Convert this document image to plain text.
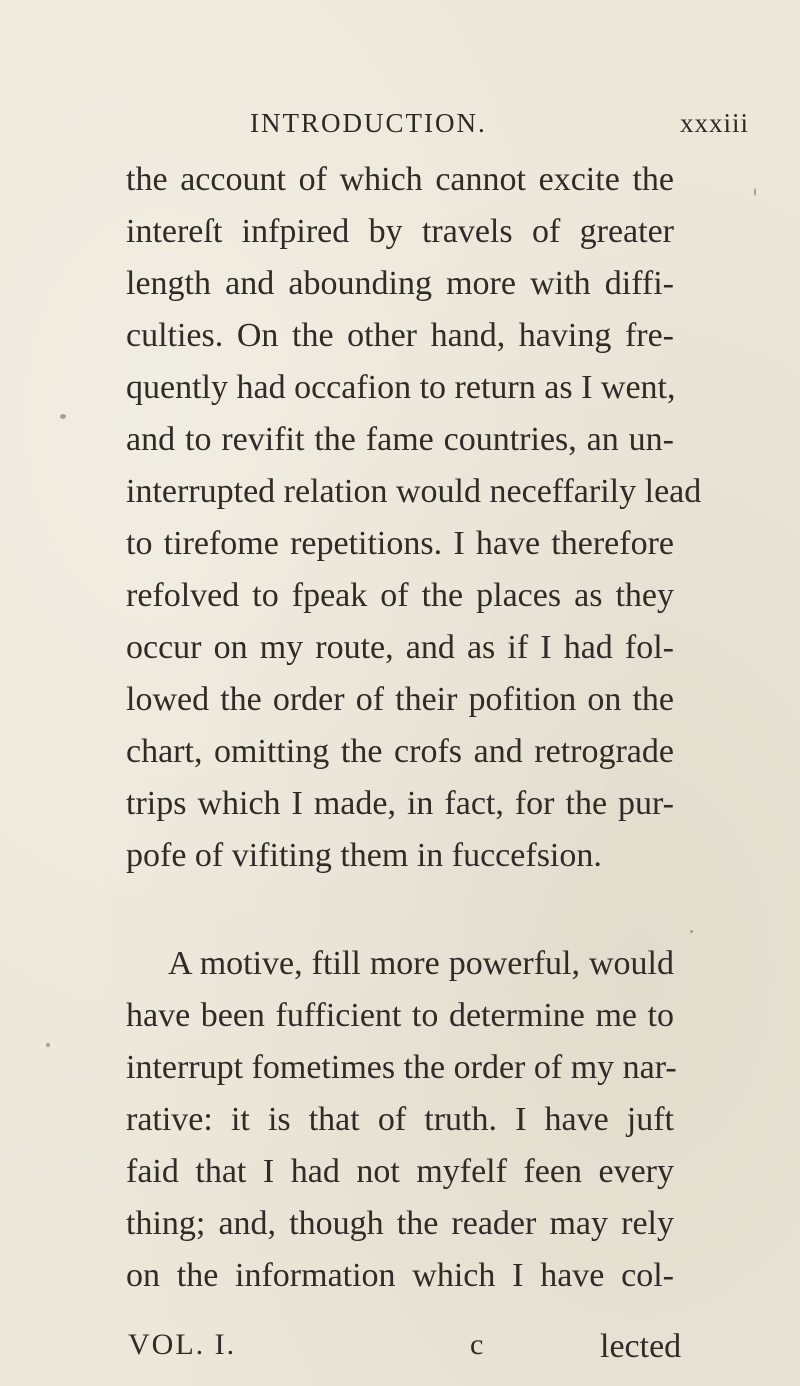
INTRODUCTION.	xxxiii
the account of which cannot excite the
intereſt infpired by travels of greater
length and abounding more with diffi-
culties. On the other hand, having fre-
quently had occafion to return as I went,
and to revifit the fame countries, an un-
interrupted relation would neceffarily lead
to tirefome repetitions. I have therefore
refolved to fpeak of the places as they
occur on my route, and as if I had fol-
lowed the order of their pofition on the
chart, omitting the crofs and retrograde
trips which I made, in fact, for the pur-
pofe of vifiting them in fuccefsion.
A motive, ftill more powerful, would
have been fufficient to determine me to
interrupt fometimes the order of my nar-
rative: it is that of truth. I have juft
faid that I had not myfelf feen every
thing; and, though the reader may rely
on the information which I have col-
VOL. I.	c	lected
